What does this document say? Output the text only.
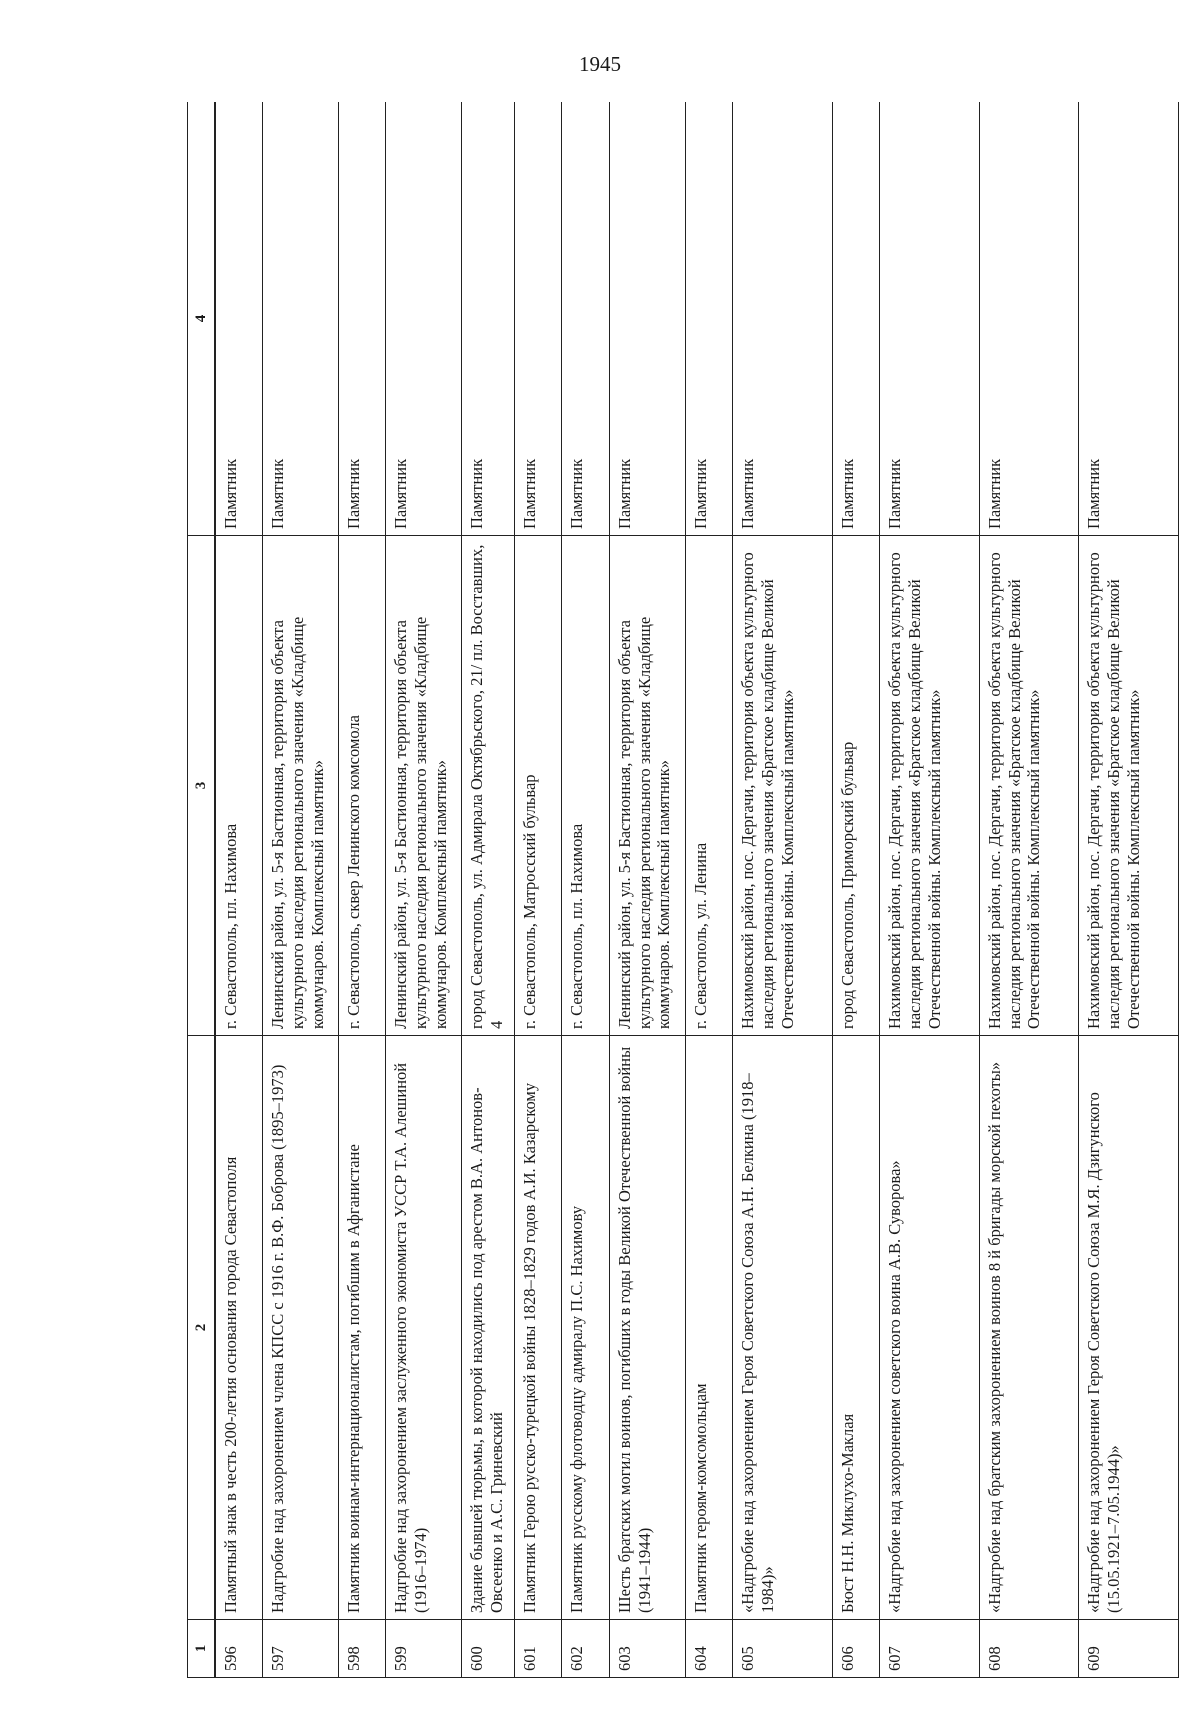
1945
1	2	3	4
596	Памятный знак в честь 200-летия основания города Севастополя	г. Севастополь, пл. Нахимова	Памятник
597	Надгробие над захоронением члена КПСС с 1916 г. В.Ф. Боброва (1895–1973)	Ленинский район, ул. 5-я Бастионная, территория объекта культурного наследия регионального значения «Кладбище коммунаров. Комплексный памятник»	Памятник
598	Памятник воинам-интернационалистам, погибшим в Афганистане	г. Севастополь, сквер Ленинского комсомола	Памятник
599	Надгробие над захоронением заслуженного экономиста УССР Т.А. Алешиной (1916–1974)	Ленинский район, ул. 5-я Бастионная, территория объекта культурного наследия регионального значения «Кладбище коммунаров. Комплексный памятник»	Памятник
600	Здание бывшей тюрьмы, в которой находились под арестом В.А. Антонов-Овсеенко и А.С. Гриневский	город Севастополь, ул. Адмирала Октябрьского, 21/ пл. Восставших, 4	Памятник
601	Памятник Герою русско-турецкой войны 1828–1829 годов А.И. Казарскому	г. Севастополь, Матросский бульвар	Памятник
602	Памятник русскому флотоводцу адмиралу П.С. Нахимову	г. Севастополь, пл. Нахимова	Памятник
603	Шесть братских могил воинов, погибших в годы Великой Отечественной войны (1941–1944)	Ленинский район, ул. 5-я Бастионная, территория объекта культурного наследия регионального значения «Кладбище коммунаров. Комплексный памятник»	Памятник
604	Памятник героям-комсомольцам	г. Севастополь, ул. Ленина	Памятник
605	«Надгробие над захоронением Героя Советского Союза А.Н. Белкина (1918–1984)»	Нахимовский район, пос. Дергачи, территория объекта культурного наследия регионального значения «Братское кладбище Великой Отечественной войны. Комплексный памятник»	Памятник
606	Бюст Н.Н. Миклухо-Маклая	город Севастополь, Приморский бульвар	Памятник
607	«Надгробие над захоронением советского воина А.В. Суворова»	Нахимовский район, пос. Дергачи, территория объекта культурного наследия регионального значения «Братское кладбище Великой Отечественной войны. Комплексный памятник»	Памятник
608	«Надгробие над братским захоронением воинов 8 й бригады морской пехоты»	Нахимовский район, пос. Дергачи, территория объекта культурного наследия регионального значения «Братское кладбище Великой Отечественной войны. Комплексный памятник»	Памятник
609	«Надгробие над захоронением Героя Советского Союза М.Я. Дзигунского (15.05.1921–7.05.1944)»	Нахимовский район, пос. Дергачи, территория объекта культурного наследия регионального значения «Братское кладбище Великой Отечественной войны. Комплексный памятник»	Памятник
